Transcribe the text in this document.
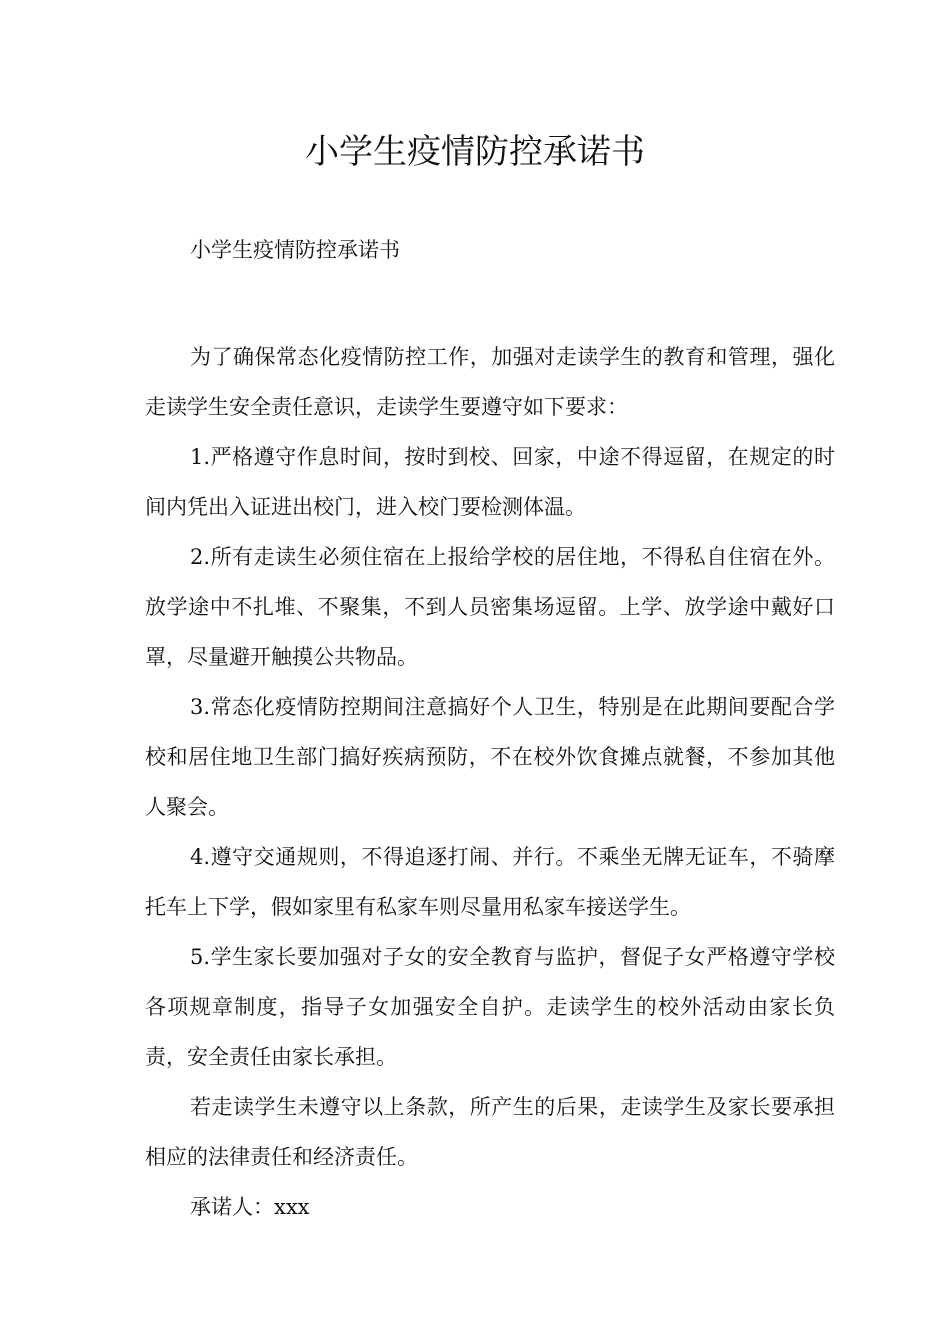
小学生疫情防控承诺书

小学生疫情防控承诺书

为了确保常态化疫情防控工作，加强对走读学生的教育和管理，强化走读学生安全责任意识，走读学生要遵守如下要求：

1.严格遵守作息时间，按时到校、回家，中途不得逗留，在规定的时间内凭出入证进出校门，进入校门要检测体温。

2.所有走读生必须住宿在上报给学校的居住地，不得私自住宿在外。放学途中不扎堆、不聚集，不到人员密集场逗留。上学、放学途中戴好口罩，尽量避开触摸公共物品。

3.常态化疫情防控期间注意搞好个人卫生，特别是在此期间要配合学校和居住地卫生部门搞好疾病预防，不在校外饮食摊点就餐，不参加其他人聚会。

4.遵守交通规则，不得追逐打闹、并行。不乘坐无牌无证车，不骑摩托车上下学，假如家里有私家车则尽量用私家车接送学生。

5.学生家长要加强对子女的安全教育与监护，督促子女严格遵守学校各项规章制度，指导子女加强安全自护。走读学生的校外活动由家长负责，安全责任由家长承担。

若走读学生未遵守以上条款，所产生的后果，走读学生及家长要承担相应的法律责任和经济责任。

承诺人：xxx
